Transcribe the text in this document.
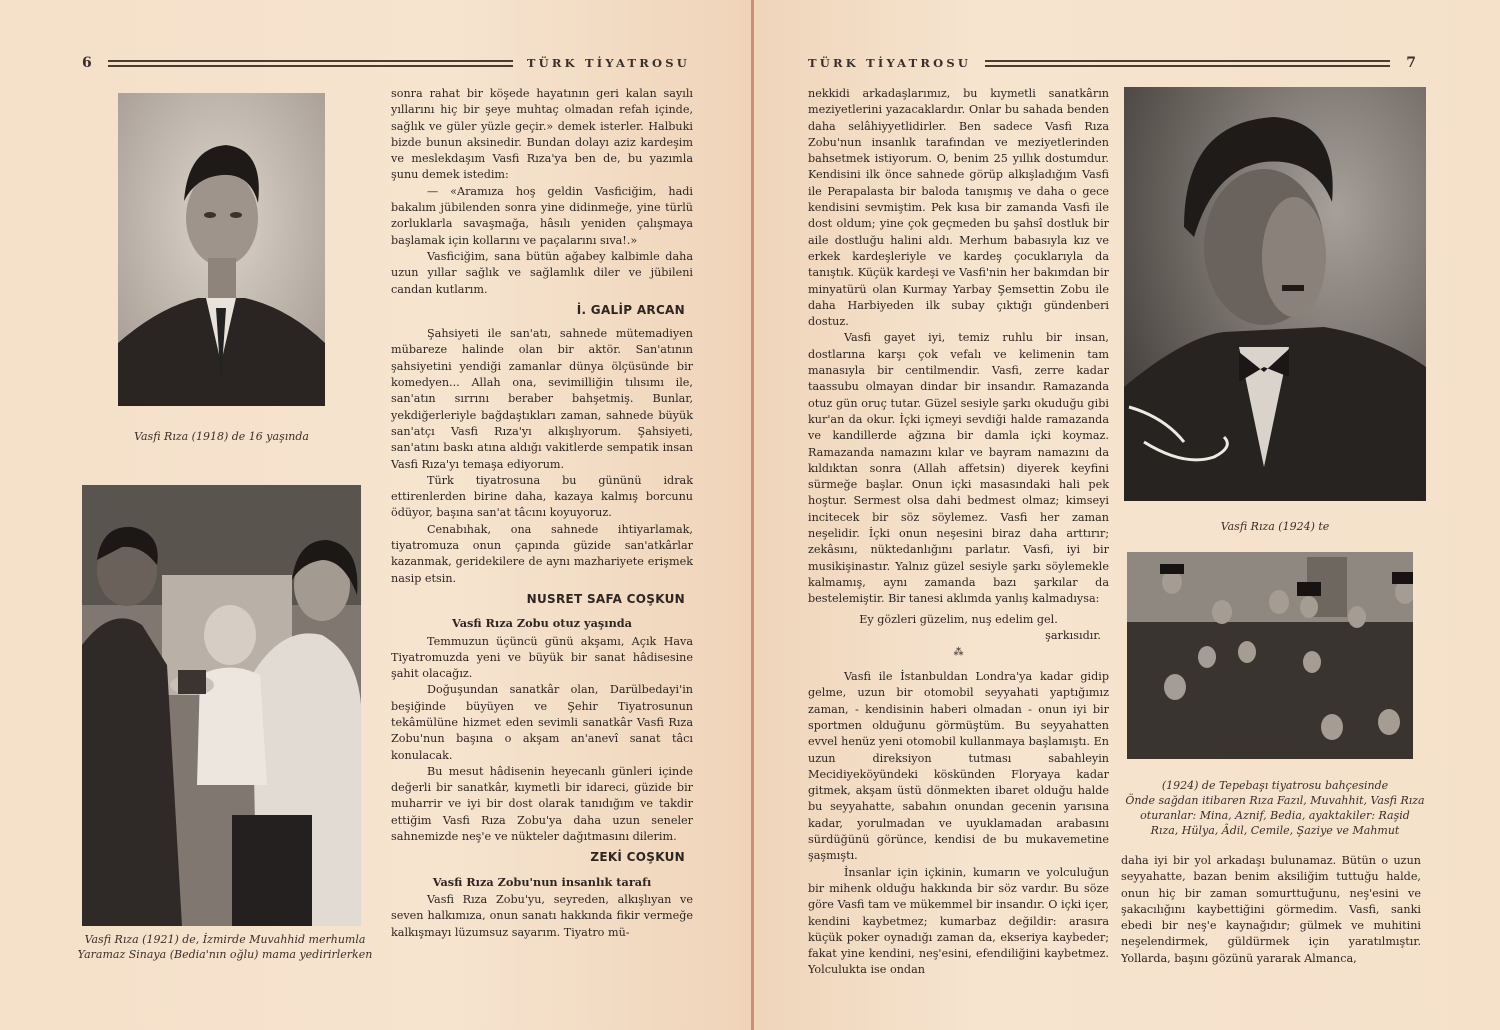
6	TÜRK TİYATROSU	TÜRK TİYATROSU	7
Vasfi Rıza (1918) de 16 yaşında
Vasfi Rıza (1921) de, İzmirde Muvahhid merhumla
Yaramaz Sinaya (Bedia'nın oğlu) mama yedirirlerken

sonra rahat bir köşede hayatının geri kalan sayılı yıllarını hiç bir şeye muhtaç olmadan refah içinde, sağlık ve güler yüzle geçir.» demek isterler. Halbuki bizde bunun aksinedir. Bundan dolayı aziz kardeşim ve meslekdaşım Vasfi Rıza'ya ben de, bu yazımla şunu demek istedim:

— «Aramıza hoş geldin Vasficiğim, hadi bakalım jübilenden sonra yine didinmeğe, yine türlü zorluklarla savaşmağa, hâsılı yeniden çalışmaya başlamak için kollarını ve paçalarını sıva!.»

Vasficiğim, sana bütün ağabey kalbimle daha uzun yıllar sağlık ve sağlamlık diler ve jübileni candan kutlarım.

İ. GALİP ARCAN

Şahsiyeti ile san'atı, sahnede mütemadiyen mübareze halinde olan bir aktör. San'atının şahsiyetini yendiği zamanlar dünya ölçüsünde bir komedyen... Allah ona, sevimilliğin tılısımı ile, san'atın sırrını beraber bahşetmiş. Bunlar, yekdiğerleriyle bağdaştıkları zaman, sahnede büyük san'atçı Vasfi Rıza'yı alkışlıyorum. Şahsiyeti, san'atını baskı atına aldığı vakitlerde sempatik insan Vasfi Rıza'yı temaşa ediyorum.

Türk tiyatrosuna bu gününü idrak ettirenlerden birine daha, kazaya kalmış borcunu ödüyor, başına san'at tâcını koyuyoruz.

Cenabıhak, ona sahnede ihtiyarlamak, tiyatromuza onun çapında güzide san'atkârlar kazanmak, geridekilere de aynı mazhariyete erişmek nasip etsin.

NUSRET SAFA COŞKUN
Vasfi Rıza Zobu otuz yaşında

Temmuzun üçüncü günü akşamı, Açık Hava Tiyatromuzda yeni ve büyük bir sanat hâdisesine şahit olacağız.

Doğuşundan sanatkâr olan, Darülbedayi'in beşiğinde büyüyen ve Şehir Tiyatrosunun tekâmülüne hizmet eden sevimli sanatkâr Vasfi Rıza Zobu'nun başına o akşam an'anevî sanat tâcı konulacak.

Bu mesut hâdisenin heyecanlı günleri içinde değerli bir sanatkâr, kıymetli bir idareci, güzide bir muharrir ve iyi bir dost olarak tanıdığım ve takdir ettiğim Vasfi Rıza Zobu'ya daha uzun seneler sahnemizde neş'e ve nükteler dağıtmasını dilerim.

ZEKİ COŞKUN
Vasfi Rıza Zobu'nun insanlık tarafı

Vasfi Rıza Zobu'yu, seyreden, alkışlıyan ve seven halkımıza, onun sanatı hakkında fikir vermeğe kalkışmayı lüzumsuz sayarım. Tiyatro mü-

Vasfi Rıza (1924) te
(1924) de Tepebaşı tiyatrosu bahçesinde
Önde sağdan itibaren Rıza Fazıl, Muvahhit, Vasfi Rıza
oturanlar: Mina, Aznif, Bedia, ayaktakiler: Raşid
Rıza, Hülya, Âdil, Cemile, Şaziye ve Mahmut

nekkidi arkadaşlarımız, bu kıymetli sanatkârın meziyetlerini yazacaklardır. Onlar bu sahada benden daha selâhiyyetlidirler. Ben sadece Vasfi Rıza Zobu'nun insanlık tarafından ve meziyetlerinden bahsetmek istiyorum. O, benim 25 yıllık dostumdur. Kendisini ilk önce sahnede görüp alkışladığım Vasfi ile Perapalasta bir baloda tanışmış ve daha o gece kendisini sevmiştim. Pek kısa bir zamanda Vasfi ile dost oldum; yine çok geçmeden bu şahsî dostluk bir aile dostluğu halini aldı. Merhum babasıyla kız ve erkek kardeşleriyle ve kardeş çocuklarıyla da tanıştık. Küçük kardeşi ve Vasfi'nin her bakımdan bir minyatürü olan Kurmay Yarbay Şemsettin Zobu ile daha Harbiyeden ilk subay çıktığı gündenberi dostuz.

Vasfi gayet iyi, temiz ruhlu bir insan, dostlarına karşı çok vefalı ve kelimenin tam manasıyla bir centilmendir. Vasfi, zerre kadar taassubu olmayan dindar bir insandır. Ramazanda otuz gün oruç tutar. Güzel sesiyle şarkı okuduğu gibi kur'an da okur. İçki içmeyi sevdiği halde ramazanda ve kandillerde ağzına bir damla içki koymaz. Ramazanda namazını kılar ve bayram namazını da kıldıktan sonra (Allah affetsin) diyerek keyfini sürmeğe başlar. Onun içki masasındaki hali pek hoştur. Sermest olsa dahi bedmest olmaz; kimseyi incitecek bir söz söylemez. Vasfi her zaman neşelidir. İçki onun neşesini biraz daha arttırır; zekâsını, nüktedanlığını parlatır. Vasfi, iyi bir musikişinastır. Yalnız güzel sesiyle şarkı söylemekle kalmamış, aynı zamanda bazı şarkılar da bestelemiştir. Bir tanesi aklımda yanlış kalmadıysa:

Ey gözleri güzelim, nuş edelim gel.
şarkısıdır.
⁂

Vasfi ile İstanbuldan Londra'ya kadar gidip gelme, uzun bir otomobil seyyahati yaptığımız zaman, - kendisinin haberi olmadan - onun iyi bir sportmen olduğunu görmüştüm. Bu seyyahatten evvel henüz yeni otomobil kullanmaya başlamıştı. En uzun direksiyon tutması sabahleyin Mecidiyeköyündeki köskünden Floryaya kadar gitmek, akşam üstü dönmekten ibaret olduğu halde bu seyyahatte, sabahın onundan gecenin yarısına kadar, yorulmadan ve uyuklamadan arabasını sürdüğünü görünce, kendisi de bu mukavemetine şaşmıştı.

İnsanlar için içkinin, kumarın ve yolculuğun bir mihenk olduğu hakkında bir söz vardır. Bu söze göre Vasfi tam ve mükemmel bir insandır. O içki içer, kendini kaybetmez; kumarbaz değildir: arasıra küçük poker oynadığı zaman da, ekseriya kaybeder; fakat yine kendini, neş'esini, efendiliğini kaybetmez. Yolculukta ise ondan

daha iyi bir yol arkadaşı bulunamaz. Bütün o uzun seyyahatte, bazan benim aksiliğim tuttuğu halde, onun hiç bir zaman somurttuğunu, neş'esini ve şakacılığını kaybettiğini görmedim. Vasfi, sanki ebedi bir neş'e kaynağıdır; gülmek ve muhitini neşelendirmek, güldürmek için yaratılmıştır. Yollarda, başını gözünü yararak Almanca,
